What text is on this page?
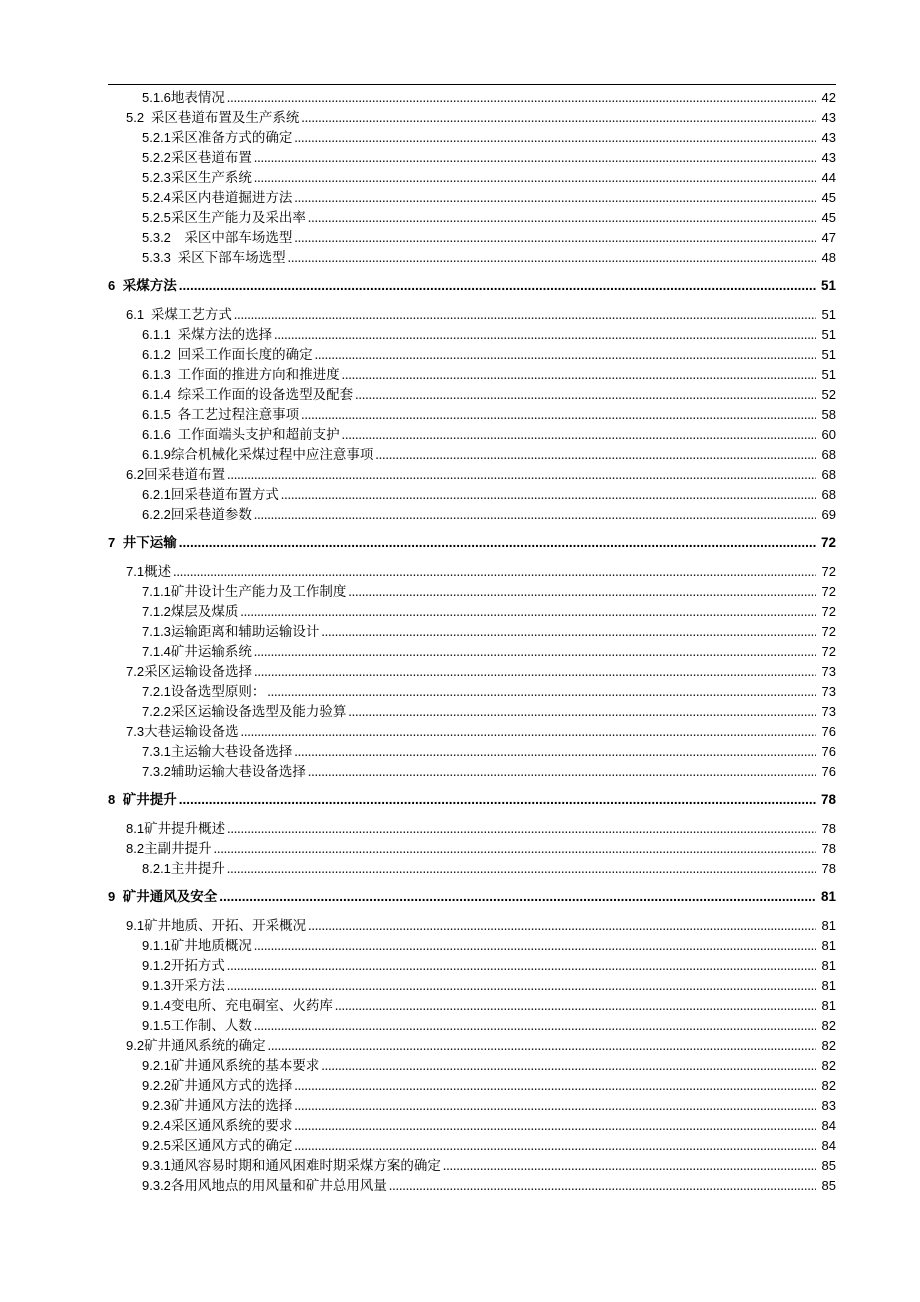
5.1.6地表情况 .....	42
5.2  采区巷道布置及生产系统 .....	43
5.2.1采区准备方式的确定 .....	43
5.2.2采区巷道布置 .....	43
5.2.3采区生产系统 .....	44
5.2.4采区内巷道掘进方法 .....	45
5.2.5采区生产能力及采出率 .....	45
5.3.2    采区中部车场选型 .....	47
5.3.3  采区下部车场选型 .....	48
6  采煤方法 .....	51
6.1  采煤工艺方式 .....	51
6.1.1  采煤方法的选择 .....	51
6.1.2  回采工作面长度的确定 .....	51
6.1.3  工作面的推进方向和推进度 .....	51
6.1.4  综采工作面的设备选型及配套 .....	52
6.1.5  各工艺过程注意事项 .....	58
6.1.6  工作面端头支护和超前支护 .....	60
6.1.9综合机械化采煤过程中应注意事项 .....	68
6.2回采巷道布置 .....	68
6.2.1回采巷道布置方式 .....	68
6.2.2回采巷道参数 .....	69
7  井下运输 .....	72
7.1概述 .....	72
7.1.1矿井设计生产能力及工作制度 .....	72
7.1.2煤层及煤质 .....	72
7.1.3运输距离和辅助运输设计 .....	72
7.1.4矿井运输系统 .....	72
7.2采区运输设备选择 .....	73
7.2.1设备选型原则： .....	73
7.2.2采区运输设备选型及能力验算 .....	73
7.3大巷运输设备选 .....	76
7.3.1主运输大巷设备选择 .....	76
7.3.2辅助运输大巷设备选择 .....	76
8  矿井提升 .....	78
8.1矿井提升概述 .....	78
8.2主副井提升 .....	78
8.2.1主井提升 .....	78
9  矿井通风及安全 .....	81
9.1矿井地质、开拓、开采概况 .....	81
9.1.1矿井地质概况 .....	81
9.1.2开拓方式 .....	81
9.1.3开采方法 .....	81
9.1.4变电所、充电硐室、火药库 .....	81
9.1.5工作制、人数 .....	82
9.2矿井通风系统的确定 .....	82
9.2.1矿井通风系统的基本要求 .....	82
9.2.2矿井通风方式的选择 .....	82
9.2.3矿井通风方法的选择 .....	83
9.2.4采区通风系统的要求 .....	84
9.2.5采区通风方式的确定 .....	84
9.3.1通风容易时期和通风困难时期采煤方案的确定 .....	85
9.3.2各用风地点的用风量和矿井总用风量 .....	85
